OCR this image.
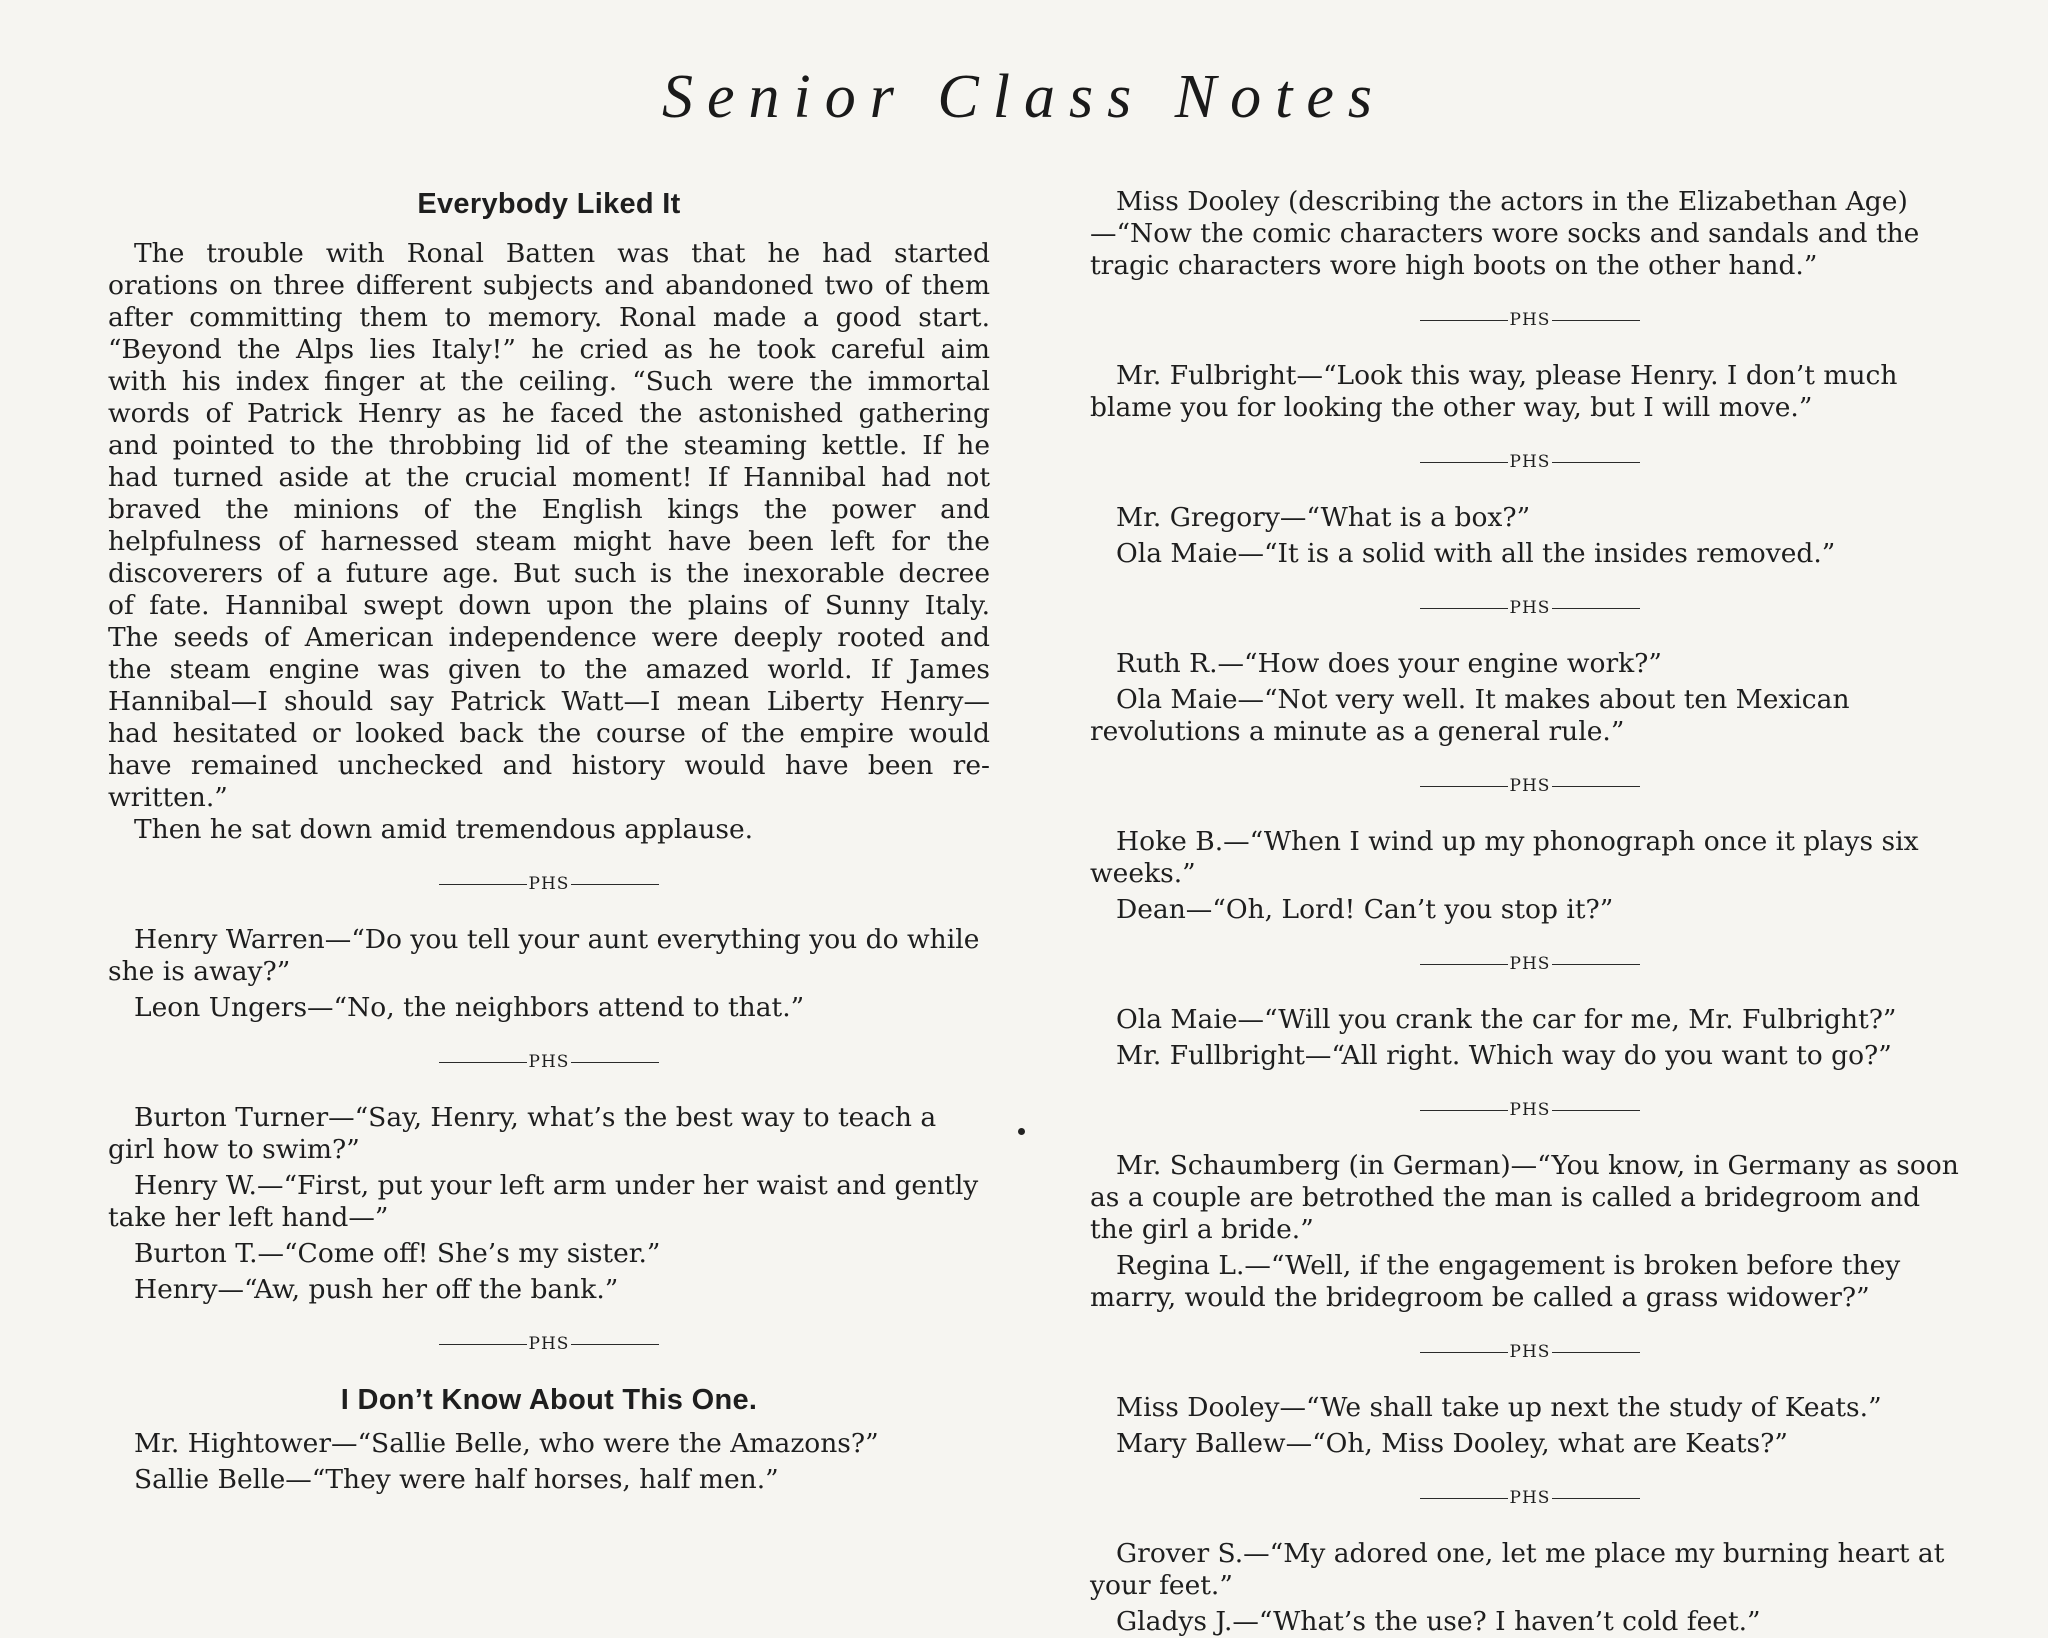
Senior Class Notes
Everybody Liked It

The trouble with Ronal Batten was that he had started orations on three different subjects and abandoned two of them after committing them to memory. Ronal made a good start. “Beyond the Alps lies Italy!” he cried as he took careful aim with his index finger at the ceiling. “Such were the immortal words of Patrick Henry as he faced the astonished gathering and pointed to the throbbing lid of the steaming kettle. If he had turned aside at the crucial moment! If Hannibal had not braved the minions of the English kings the power and helpfulness of harnessed steam might have been left for the discoverers of a future age. But such is the inexorable decree of fate. Hannibal swept down upon the plains of Sunny Italy. The seeds of American independence were deeply rooted and the steam engine was given to the amazed world. If James Hannibal—I should say Patrick Watt—I mean Liberty Henry—had hesitated or looked back the course of the empire would have remained unchecked and history would have been re-written.”

Then he sat down amid tremendous applause.

PHS

Henry Warren—“Do you tell your aunt everything you do while she is away?”

Leon Ungers—“No, the neighbors attend to that.”

PHS

Burton Turner—“Say, Henry, what’s the best way to teach a girl how to swim?”

Henry W.—“First, put your left arm under her waist and gently take her left hand—”

Burton T.—“Come off! She’s my sister.”

Henry—“Aw, push her off the bank.”

PHS
I Don’t Know About This One.

Mr. Hightower—“Sallie Belle, who were the Amazons?”

Sallie Belle—“They were half horses, half men.”

Miss Dooley (describing the actors in the Elizabethan Age)—“Now the comic characters wore socks and sandals and the tragic characters wore high boots on the other hand.”

PHS

Mr. Fulbright—“Look this way, please Henry. I don’t much blame you for looking the other way, but I will move.”

PHS

Mr. Gregory—“What is a box?”

Ola Maie—“It is a solid with all the insides removed.”

PHS

Ruth R.—“How does your engine work?”

Ola Maie—“Not very well. It makes about ten Mexican revolutions a minute as a general rule.”

PHS

Hoke B.—“When I wind up my phonograph once it plays six weeks.”

Dean—“Oh, Lord! Can’t you stop it?”

PHS

Ola Maie—“Will you crank the car for me, Mr. Fulbright?”

Mr. Fullbright—“All right. Which way do you want to go?”

PHS

Mr. Schaumberg (in German)—“You know, in Germany as soon as a couple are betrothed the man is called a bridegroom and the girl a bride.”

Regina L.—“Well, if the engagement is broken before they marry, would the bridegroom be called a grass widower?”

PHS

Miss Dooley—“We shall take up next the study of Keats.”

Mary Ballew—“Oh, Miss Dooley, what are Keats?”

PHS

Grover S.—“My adored one, let me place my burning heart at your feet.”

Gladys J.—“What’s the use? I haven’t cold feet.”
